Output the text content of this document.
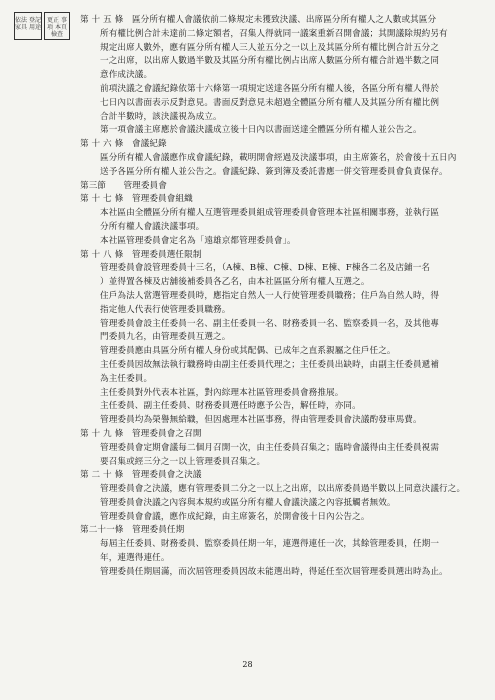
依法 登記 家具 用途
更正 事項 本頁 檢查
第 十 五 條　區分所有權人會議依前二條規定未獲致決議、出席區分所有權人之人數或其區分
所有權比例合計未達前二條定額者，召集人得就同一議案重新召開會議；其開議除規約另有
規定出席人數外，應有區分所有權人三人並五分之一以上及其區分所有權比例合計五分之
一之出席，以出席人數過半數及其區分所有權比例占出席人數區分所有權合計過半數之同
意作成決議。
前項決議之會議紀錄依第十六條第一項規定送達各區分所有權人後，各區分所有權人得於
七日內以書面表示反對意見。書面反對意見未超過全體區分所有權人及其區分所有權比例
合計半數時，該決議視為成立。
第一項會議主席應於會議決議成立後十日內以書面送達全體區分所有權人並公告之。
第 十 六 條　會議紀錄
區分所有權人會議應作成會議紀錄，載明開會經過及決議事項，由主席簽名，於會後十五日內
送予各區分所有權人並公告之。會議紀錄、簽到簿及委託書應一併交管理委員會負責保存。
第三節　　管理委員會
第 十 七 條　管理委員會組織
本社區由全體區分所有權人互選管理委員組成管理委員會管理本社區相關事務，並執行區
分所有權人會議決議事項。
本社區管理委員會定名為「遠雄京都管理委員會」。
第 十 八 條　管理委員選任限制
管理委員會設管理委員十三名，（A棟、B棟、C棟、D棟、E棟、F棟各二名及店鋪一名
）並得置各棟及店舖後補委員各乙名，由本社區區分所有權人互選之。
住戶為法人當選管理委員時，應指定自然人一人行使管理委員職務；住戶為自然人時，得
指定他人代表行使管理委員職務。
管理委員會設主任委員一名、副主任委員一名、財務委員一名、監察委員一名，及其他專
門委員九名，由管理委員互選之。
管理委員應由具區分所有權人身份或其配偶、已成年之直系親屬之住戶任之。
主任委員因故無法執行職務時由副主任委員代理之；主任委員出缺時，由副主任委員遞補
為主任委員。
主任委員對外代表本社區，對內綜理本社區管理委員會務推展。
主任委員、副主任委員、財務委員選任時應予公告，解任時，亦同。
管理委員均為榮譽無給職，但因處理本社區事務，得由管理委員會決議酌發車馬費。
第 十 九 條　管理委員會之召開
管理委員會定期會議每二個月召開一次，由主任委員召集之；臨時會議得由主任委員視需
要召集或經三分之一以上管理委員召集之。
第 二 十 條　管理委員會之決議
管理委員會之決議，應有管理委員二分之一以上之出席，以出席委員過半數以上同意決議行之。
管理委員會決議之內容與本規約或區分所有權人會議決議之內容抵觸者無效。
管理委員會會議，應作成紀錄，由主席簽名，於開會後十日內公告之。
第二十一條　管理委員任期
每屆主任委員、財務委員、監察委員任期一年，連選得連任一次，其餘管理委員，任期一
年，連選得連任。
管理委員任期屆滿，而次屆管理委員因故未能選出時，得延任至次屆管理委員選出時為止。
28
